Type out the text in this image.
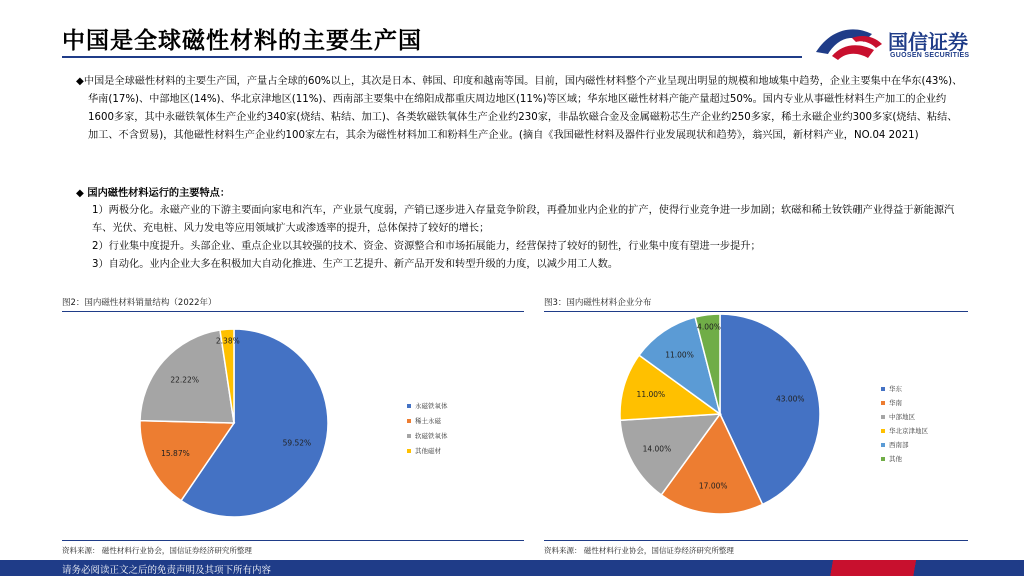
中国是全球磁性材料的主要生产国	国信证券
GUOSEN SECURITIES
◆中国是全球磁性材料的主要生产国，产量占全球的60%以上，其次是日本、韩国、印度和越南等国。目前，国内磁性材料整个产业呈现出明显的规模和地域集中趋势，企业主要集中在华东(43%)、华南(17%)、中部地区(14%)、华北京津地区(11%)、西南部主要集中在绵阳成都重庆周边地区(11%)等区域；华东地区磁性材料产能产量超过50%。国内专业从事磁性材料生产加工的企业约1600多家，其中永磁铁氧体生产企业约340家(烧结、粘结、加工)、各类软磁铁氧体生产企业约230家，非晶软磁合金及金属磁粉芯生产企业约250多家，稀土永磁企业约300多家(烧结、粘结、加工、不含贸易)，其他磁性材料生产企业约100家左右，其余为磁性材料加工和粉料生产企业。(摘自《我国磁性材料及器件行业发展现状和趋势》，翁兴国，新材料产业，NO.04 2021)
◆ 国内磁性材料运行的主要特点：
1）两极分化。永磁产业的下游主要面向家电和汽车，产业景气度弱，产销已逐步进入存量竞争阶段，再叠加业内企业的扩产，使得行业竞争进一步加剧；软磁和稀土钕铁硼产业得益于新能源汽车、光伏、充电桩、风力发电等应用领域扩大或渗透率的提升，总体保持了较好的增长；
2）行业集中度提升。头部企业、重点企业以其较强的技术、资金、资源整合和市场拓展能力，经营保持了较好的韧性，行业集中度有望进一步提升；
3）自动化。业内企业大多在积极加大自动化推进、生产工艺提升、新产品开发和转型升级的力度，以减少用工人数。
图2：国内磁性材料销量结构（2022年）
59.52%
15.87%
22.22%
2.38%
永磁铁氧体
稀土永磁
软磁铁氧体
其他磁材
资料来源： 磁性材料行业协会，国信证券经济研究所整理
图3：国内磁性材料企业分布
43.00%
17.00%
14.00%
11.00%
11.00%
4.00%
华东
华南
中部地区
华北京津地区
西南部
其他
资料来源： 磁性材料行业协会，国信证券经济研究所整理
请务必阅读正文之后的免责声明及其项下所有内容
